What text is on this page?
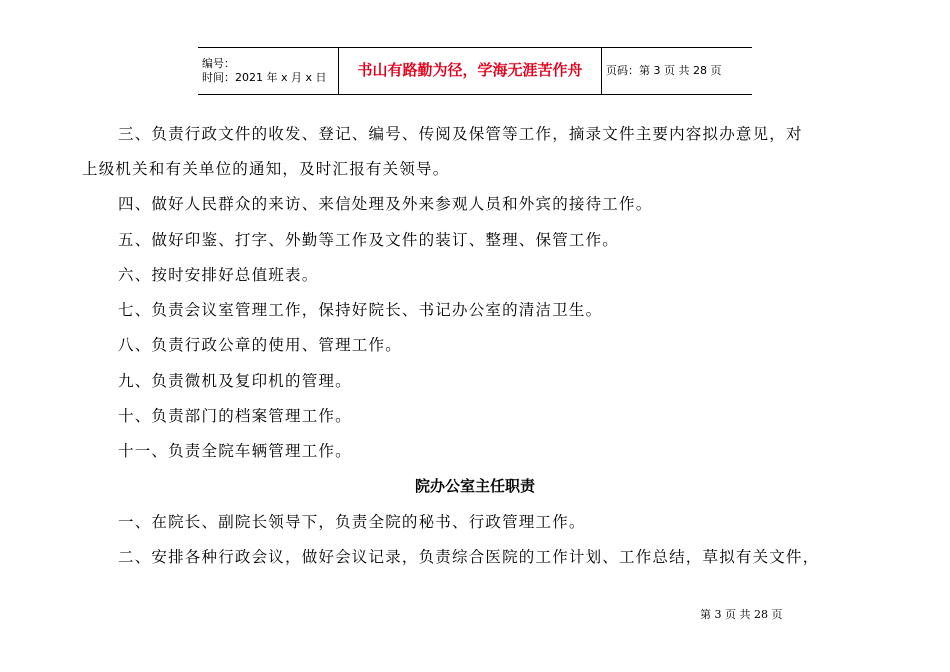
编号：
时间：2021 年 x 月 x 日	书山有路勤为径，学海无涯苦作舟	页码：第 3 页 共 28 页
三、负责行政文件的收发、登记、编号、传阅及保管等工作，摘录文件主要内容拟办意见，对
上级机关和有关单位的通知，及时汇报有关领导。
四、做好人民群众的来访、来信处理及外来参观人员和外宾的接待工作。
五、做好印鉴、打字、外勤等工作及文件的装订、整理、保管工作。
六、按时安排好总值班表。
七、负责会议室管理工作，保持好院长、书记办公室的清洁卫生。
八、负责行政公章的使用、管理工作。
九、负责微机及复印机的管理。
十、负责部门的档案管理工作。
十一、负责全院车辆管理工作。
院办公室主任职责
一、在院长、副院长领导下，负责全院的秘书、行政管理工作。
二、安排各种行政会议，做好会议记录，负责综合医院的工作计划、工作总结，草拟有关文件，
第 3 页 共 28 页
